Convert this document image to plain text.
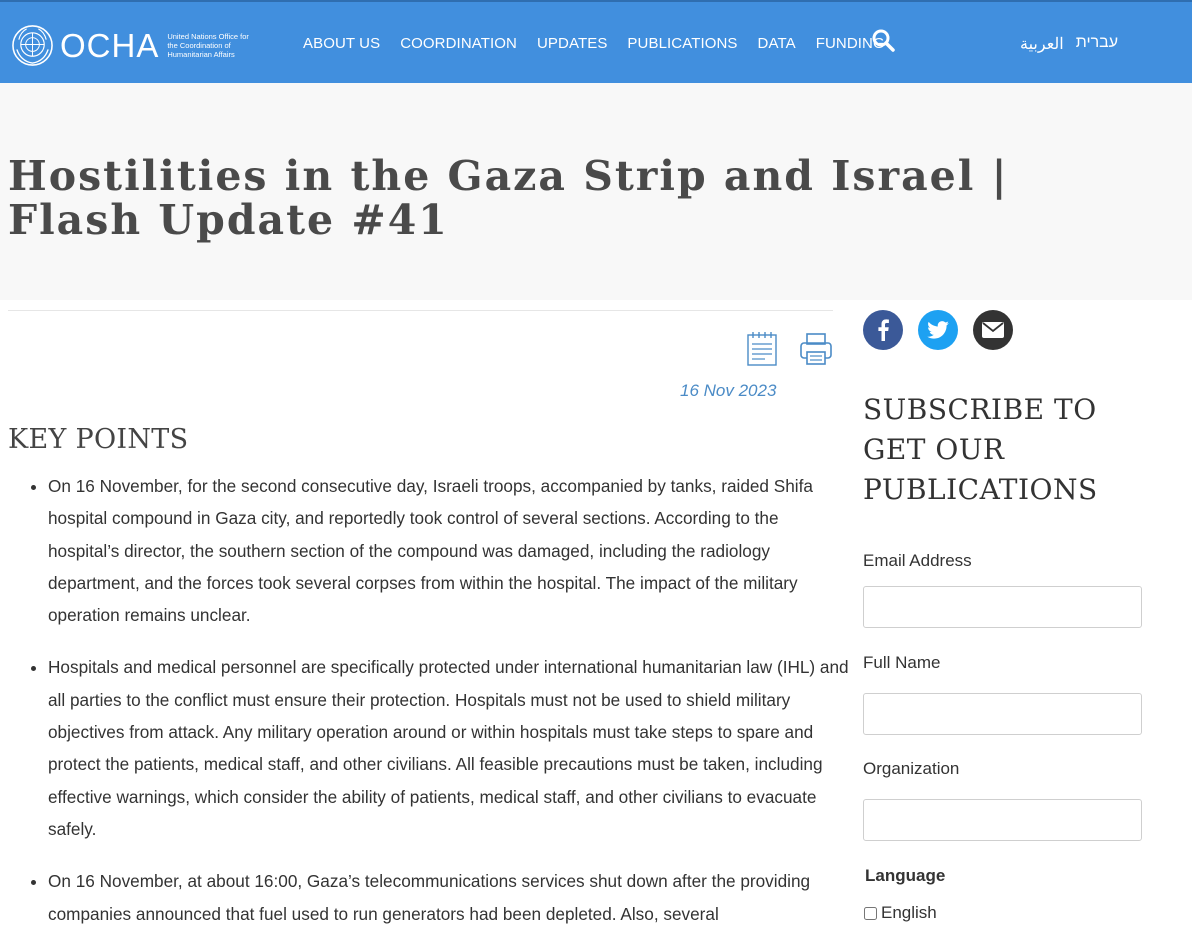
OCHA United Nations Office for the Coordination of Humanitarian Affairs
ABOUT US COORDINATION UPDATES PUBLICATIONS DATA FUNDING	العربية עברית
Hostilities in the Gaza Strip and Israel | Flash Update #41
16 Nov 2023
KEY POINTS
• On 16 November, for the second consecutive day, Israeli troops, accompanied by tanks, raided Shifa hospital compound in Gaza city, and reportedly took control of several sections. According to the hospital’s director, the southern section of the compound was damaged, including the radiology department, and the forces took several corpses from within the hospital. The impact of the military operation remains unclear.
• Hospitals and medical personnel are specifically protected under international humanitarian law (IHL) and all parties to the conflict must ensure their protection. Hospitals must not be used to shield military objectives from attack. Any military operation around or within hospitals must take steps to spare and protect the patients, medical staff, and other civilians. All feasible precautions must be taken, including effective warnings, which consider the ability of patients, medical staff, and other civilians to evacuate safely.
• On 16 November, at about 16:00, Gaza’s telecommunications services shut down after the providing companies announced that fuel used to run generators had been depleted. Also, several
SUBSCRIBE TO GET OUR PUBLICATIONS
Email Address
Full Name
Organization
Language
English
